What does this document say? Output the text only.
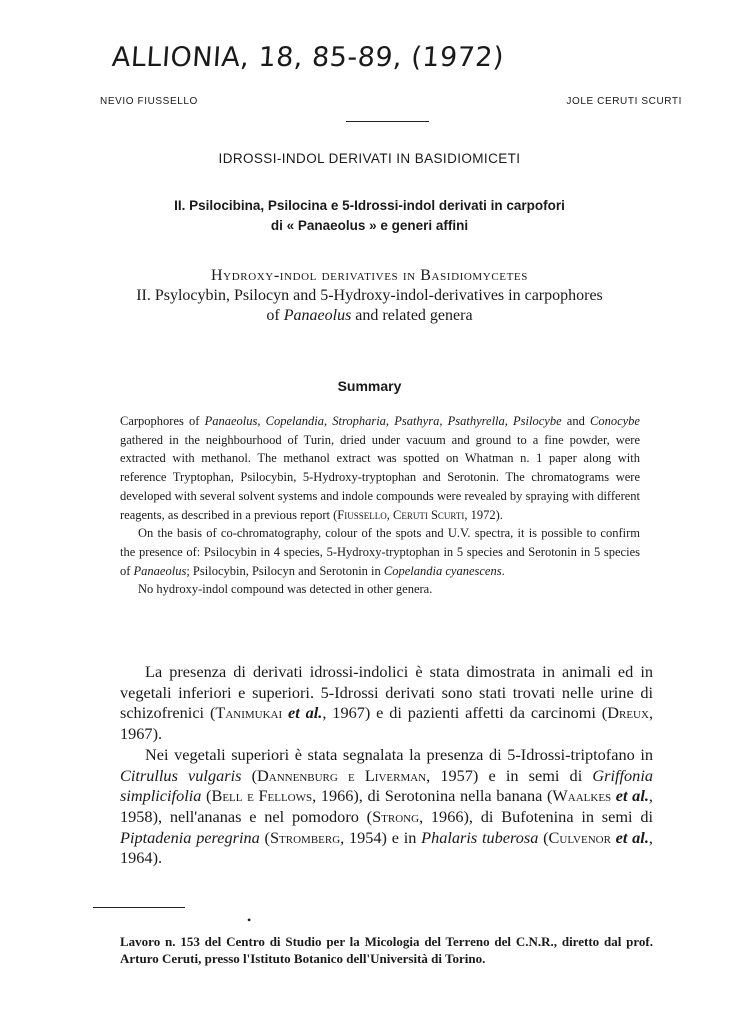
ALLIONIA, 18, 85-89, (1972)
NEVIO FIUSSELLO	JOLE CERUTI SCURTI
IDROSSI-INDOL DERIVATI IN BASIDIOMICETI
II. Psilocibina, Psilocina e 5-Idrossi-indol derivati in carpofori
di « Panaeolus » e generi affini
Hydroxy-indol derivatives in Basidiomycetes
II. Psylocybin, Psilocyn and 5-Hydroxy-indol-derivatives in carpophores
of Panaeolus and related genera
Summary

Carpophores of Panaeolus, Copelandia, Stropharia, Psathyra, Psathyrella, Psilocybe and Conocybe gathered in the neighbourhood of Turin, dried under vacuum and ground to a fine powder, were extracted with methanol. The methanol extract was spotted on Whatman n. 1 paper along with reference Tryptophan, Psilocybin, 5-Hydroxy-tryptophan and Serotonin. The chromatograms were developed with several solvent systems and indole compounds were revealed by spraying with different reagents, as described in a previous report (Fiussello, Ceruti Scurti, 1972).

On the basis of co-chromatography, colour of the spots and U.V. spectra, it is possible to confirm the presence of: Psilocybin in 4 species, 5-Hydroxy-tryptophan in 5 species and Serotonin in 5 species of Panaeolus; Psilocybin, Psilocyn and Serotonin in Copelandia cyanescens.

No hydroxy-indol compound was detected in other genera.

La presenza di derivati idrossi-indolici è stata dimostrata in animali ed in vegetali inferiori e superiori. 5-Idrossi derivati sono stati trovati nelle urine di schizofrenici (Tanimukai et al., 1967) e di pazienti affetti da carcinomi (Dreux, 1967).

Nei vegetali superiori è stata segnalata la presenza di 5-Idrossi-triptofano in Citrullus vulgaris (Dannenburg e Liverman, 1957) e in semi di Griffonia simplicifolia (Bell e Fellows, 1966), di Serotonina nella banana (Waalkes et al., 1958), nell'ananas e nel pomodoro (Strong, 1966), di Bufotenina in semi di Piptadenia peregrina (Stromberg, 1954) e in Phalaris tuberosa (Culvenor et al., 1964).

•

Lavoro n. 153 del Centro di Studio per la Micologia del Terreno del C.N.R., diretto dal prof. Arturo Ceruti, presso l'Istituto Botanico dell'Università di Torino.
